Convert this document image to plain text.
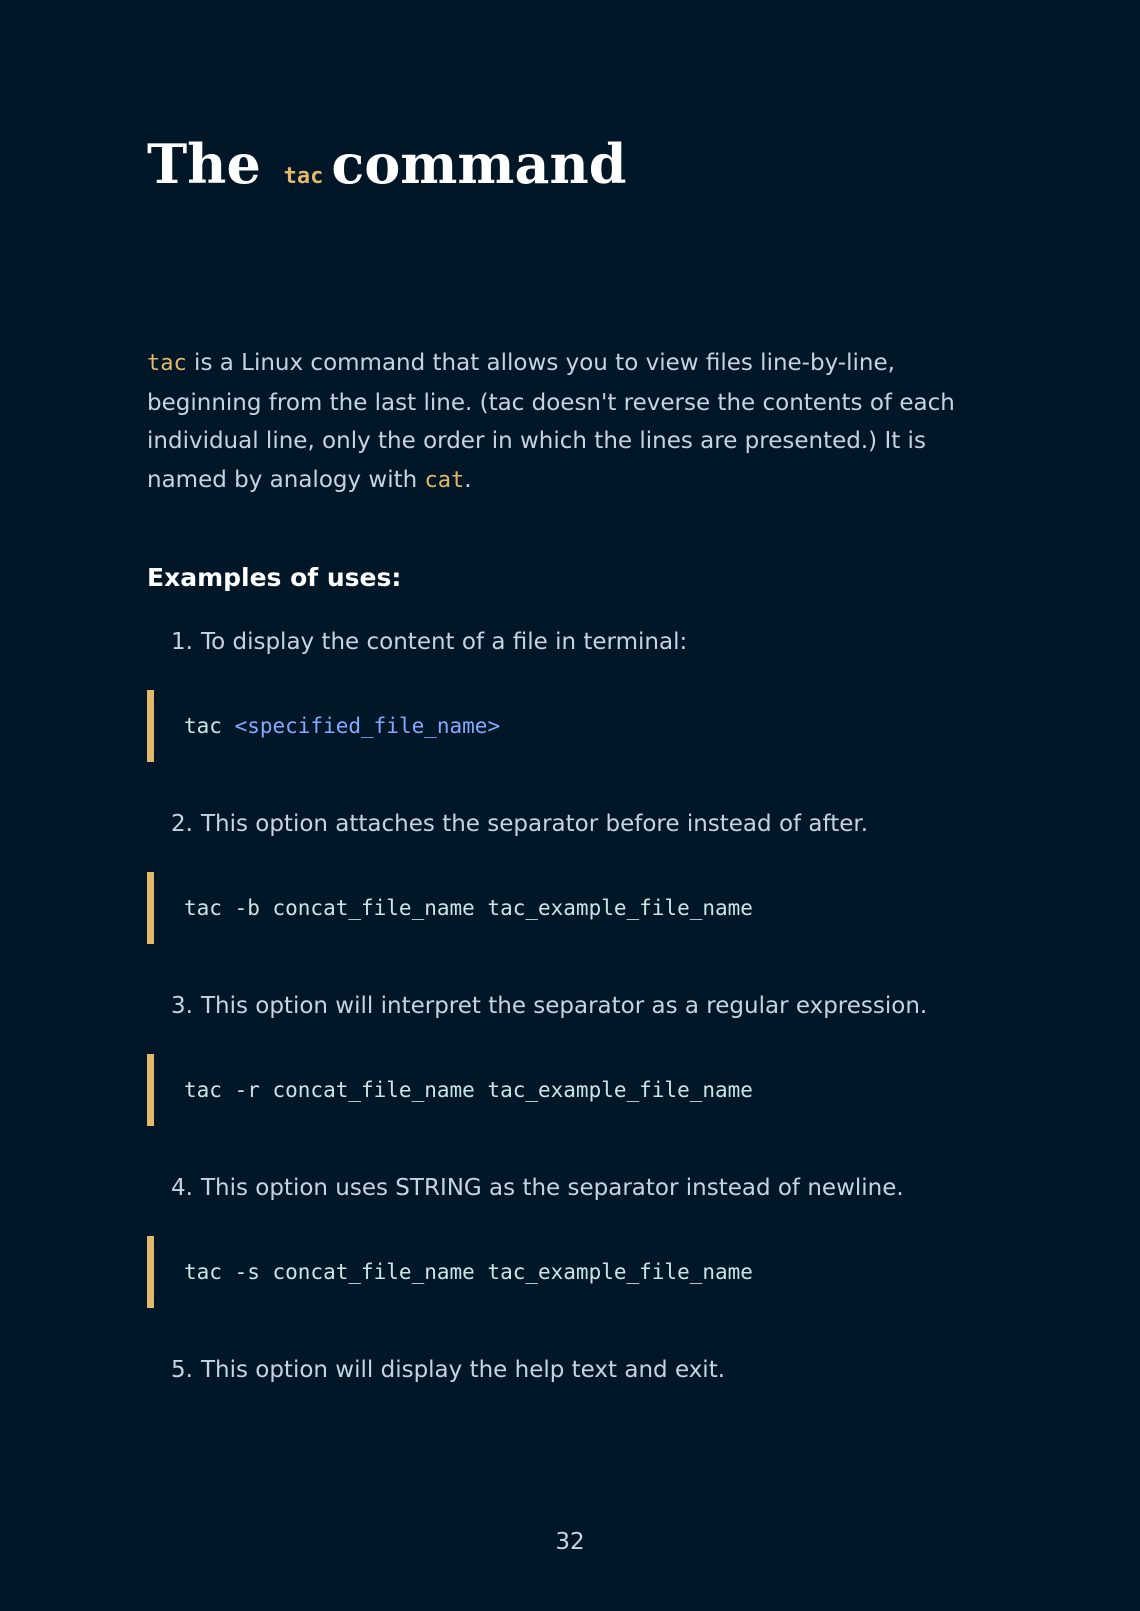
The tac command

tac is a Linux command that allows you to view files line-by-line, beginning from the last line. (tac doesn't reverse the contents of each individual line, only the order in which the lines are presented.) It is named by analogy with cat.

Examples of uses:

1. To display the content of a file in terminal:

tac <specified_file_name>

2. This option attaches the separator before instead of after.

tac -b concat_file_name tac_example_file_name

3. This option will interpret the separator as a regular expression.

tac -r concat_file_name tac_example_file_name

4. This option uses STRING as the separator instead of newline.

tac -s concat_file_name tac_example_file_name

5. This option will display the help text and exit.

32
